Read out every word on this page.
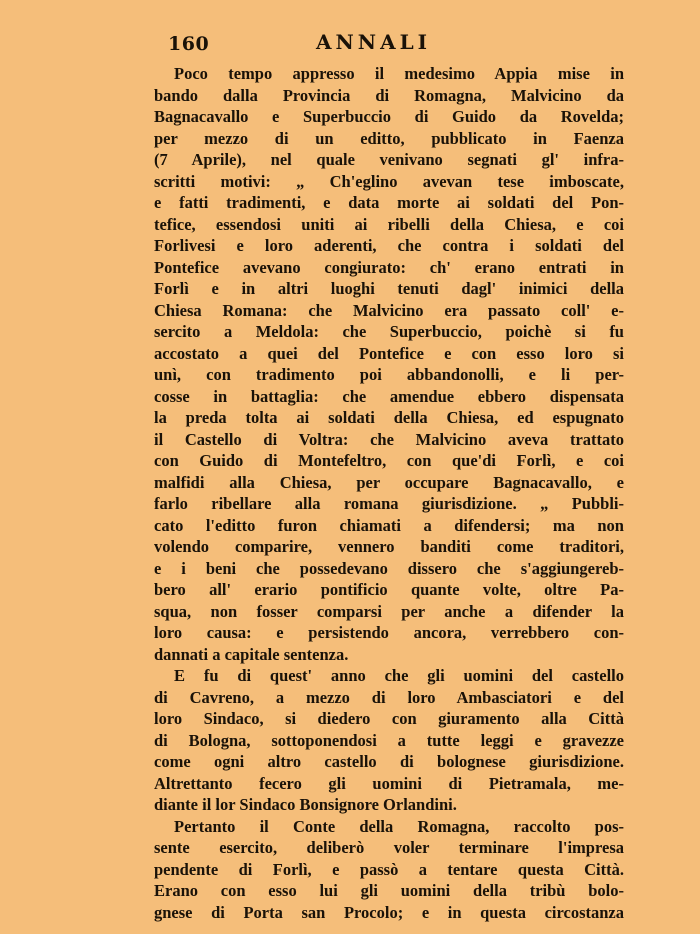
160	ANNALI
Poco tempo appresso il medesimo Appia mise in
bando dalla Provincia di Romagna, Malvicino da
Bagnacavallo e Superbuccio di Guido da Rovelda;
per mezzo di un editto, pubblicato in Faenza
(7 Aprile), nel quale venivano segnati gl' infra-
scritti motivi: „ Ch'eglino avevan tese imboscate,
e fatti tradimenti, e data morte ai soldati del Pon-
tefice, essendosi uniti ai ribelli della Chiesa, e coi
Forlivesi e loro aderenti, che contra i soldati del
Pontefice avevano congiurato: ch' erano entrati in
Forlì e in altri luoghi tenuti dagl' inimici della
Chiesa Romana: che Malvicino era passato coll' e-
sercito a Meldola: che Superbuccio, poichè si fu
accostato a quei del Pontefice e con esso loro si
unì, con tradimento poi abbandonolli, e li per-
cosse in battaglia: che amendue ebbero dispensata
la preda tolta ai soldati della Chiesa, ed espugnato
il Castello di Voltra: che Malvicino aveva trattato
con Guido di Montefeltro, con que'di Forlì, e coi
malfidi alla Chiesa, per occupare Bagnacavallo, e
farlo ribellare alla romana giurisdizione. „ Pubbli-
cato l'editto furon chiamati a difendersi; ma non
volendo comparire, vennero banditi come traditori,
e i beni che possedevano dissero che s'aggiungereb-
bero all' erario pontificio quante volte, oltre Pa-
squa, non fosser comparsi per anche a difender la
loro causa: e persistendo ancora, verrebbero con-
dannati a capitale sentenza.
E fu di quest' anno che gli uomini del castello
di Cavreno, a mezzo di loro Ambasciatori e del
loro Sindaco, si diedero con giuramento alla Città
di Bologna, sottoponendosi a tutte leggi e gravezze
come ogni altro castello di bolognese giurisdizione.
Altrettanto fecero gli uomini di Pietramala, me-
diante il lor Sindaco Bonsignore Orlandini.
Pertanto il Conte della Romagna, raccolto pos-
sente esercito, deliberò voler terminare l'impresa
pendente di Forlì, e passò a tentare questa Città.
Erano con esso lui gli uomini della tribù bolo-
gnese di Porta san Procolo; e in questa circostanza
